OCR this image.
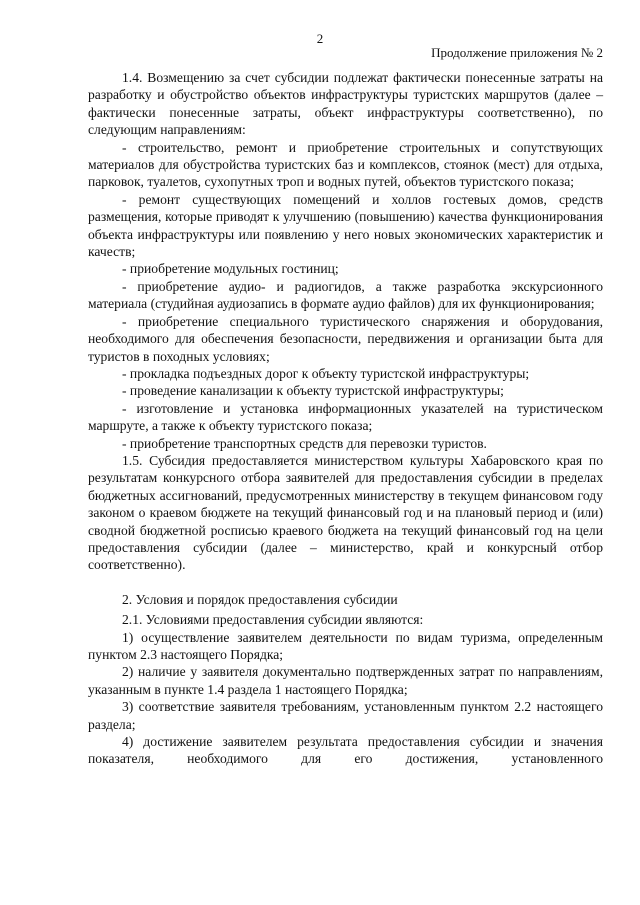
2
Продолжение приложения № 2

1.4. Возмещению за счет субсидии подлежат фактически понесенные затраты на разработку и обустройство объектов инфраструктуры туристских маршрутов (далее – фактически понесенные затраты, объект инфраструктуры соответственно), по следующим направлениям:

- строительство, ремонт и приобретение строительных и сопутствующих материалов для обустройства туристских баз и комплексов, стоянок (мест) для отдыха, парковок, туалетов, сухопутных троп и водных путей, объектов туристского показа;

- ремонт существующих помещений и холлов гостевых домов, средств размещения, которые приводят к улучшению (повышению) качества функционирования объекта инфраструктуры или появлению у него новых экономических характеристик и качеств;

- приобретение модульных гостиниц;

- приобретение аудио- и радиогидов, а также разработка экскурсионного материала (студийная аудиозапись в формате аудио файлов) для их функционирования;

- приобретение специального туристического снаряжения и оборудования, необходимого для обеспечения безопасности, передвижения и организации быта для туристов в походных условиях;

- прокладка подъездных дорог к объекту туристской инфраструктуры;

- проведение канализации к объекту туристской инфраструктуры;

- изготовление и установка информационных указателей на туристическом маршруте, а также к объекту туристского показа;

- приобретение транспортных средств для перевозки туристов.

1.5. Субсидия предоставляется министерством культуры Хабаровского края по результатам конкурсного отбора заявителей для предоставления субсидии в пределах бюджетных ассигнований, предусмотренных министерству в текущем финансовом году законом о краевом бюджете на текущий финансовый год и на плановый период и (или) сводной бюджетной росписью краевого бюджета на текущий финансовый год на цели предоставления субсидии (далее – министерство, край и конкурсный отбор соответственно).

2. Условия и порядок предоставления субсидии

2.1. Условиями предоставления субсидии являются:

1) осуществление заявителем деятельности по видам туризма, определенным пунктом 2.3 настоящего Порядка;

2) наличие у заявителя документально подтвержденных затрат по направлениям, указанным в пункте 1.4 раздела 1 настоящего Порядка;

3) соответствие заявителя требованиям, установленным пунктом 2.2 настоящего раздела;

4) достижение заявителем результата предоставления субсидии и значения показателя, необходимого для его достижения, установленного
